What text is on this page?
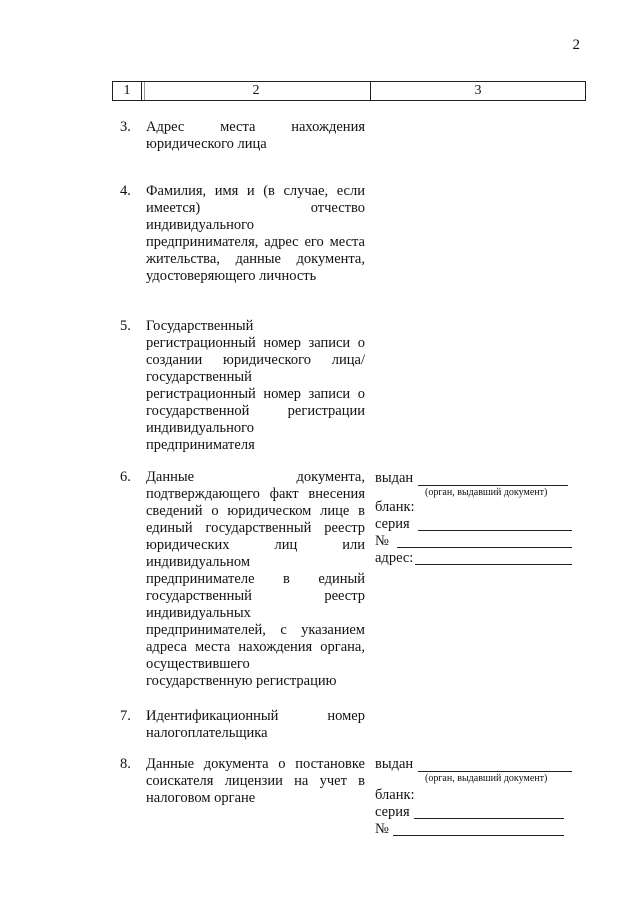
2
1	2	3
3. Адрес места нахождения
юридического лица
4. Фамилия, имя и (в случае, если
имеется) отчество
индивидуального
предпринимателя, адрес его места
жительства, данные документа,
удостоверяющего личность
5. Государственный
регистрационный номер записи о
создании юридического лица/
государственный
регистрационный номер записи о
государственной регистрации
индивидуального
предпринимателя
6. Данные документа,
подтверждающего факт внесения
сведений о юридическом лице в
единый государственный реестр
юридических лиц или
индивидуальном
предпринимателе в единый
государственный реестр
индивидуальных
предпринимателей, с указанием
адреса места нахождения органа,
осуществившего
государственную регистрацию
выдан
(орган, выдавший документ)
бланк:
серия
№
адрес:
7. Идентификационный номер
налогоплательщика
8. Данные документа о постановке
соискателя лицензии на учет в
налоговом органе
выдан
(орган, выдавший документ)
бланк:
серия
№
